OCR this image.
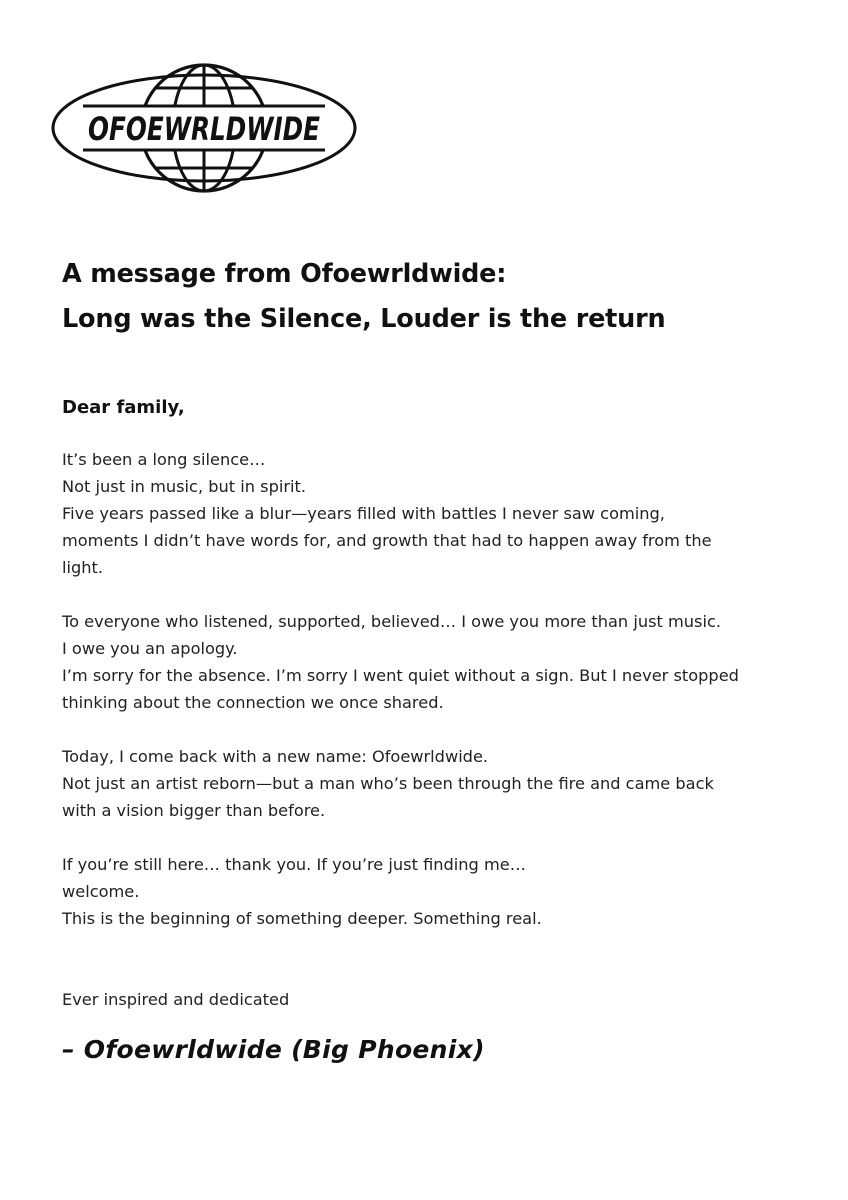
OFOEWRLDWIDE
A message from Ofoewrldwide:
Long was the Silence, Louder is the return

Dear family,

It’s been a long silence…
Not just in music, but in spirit.
Five years passed like a blur—years filled with battles I never saw coming,
moments I didn’t have words for, and growth that had to happen away from the
light.

To everyone who listened, supported, believed… I owe you more than just music.
I owe you an apology.
I’m sorry for the absence. I’m sorry I went quiet without a sign. But I never stopped
thinking about the connection we once shared.

Today, I come back with a new name: Ofoewrldwide.
Not just an artist reborn—but a man who’s been through the fire and came back
with a vision bigger than before.

If you’re still here… thank you. If you’re just finding me…
welcome.
This is the beginning of something deeper. Something real.

Ever inspired and dedicated

– Ofoewrldwide (Big Phoenix)
